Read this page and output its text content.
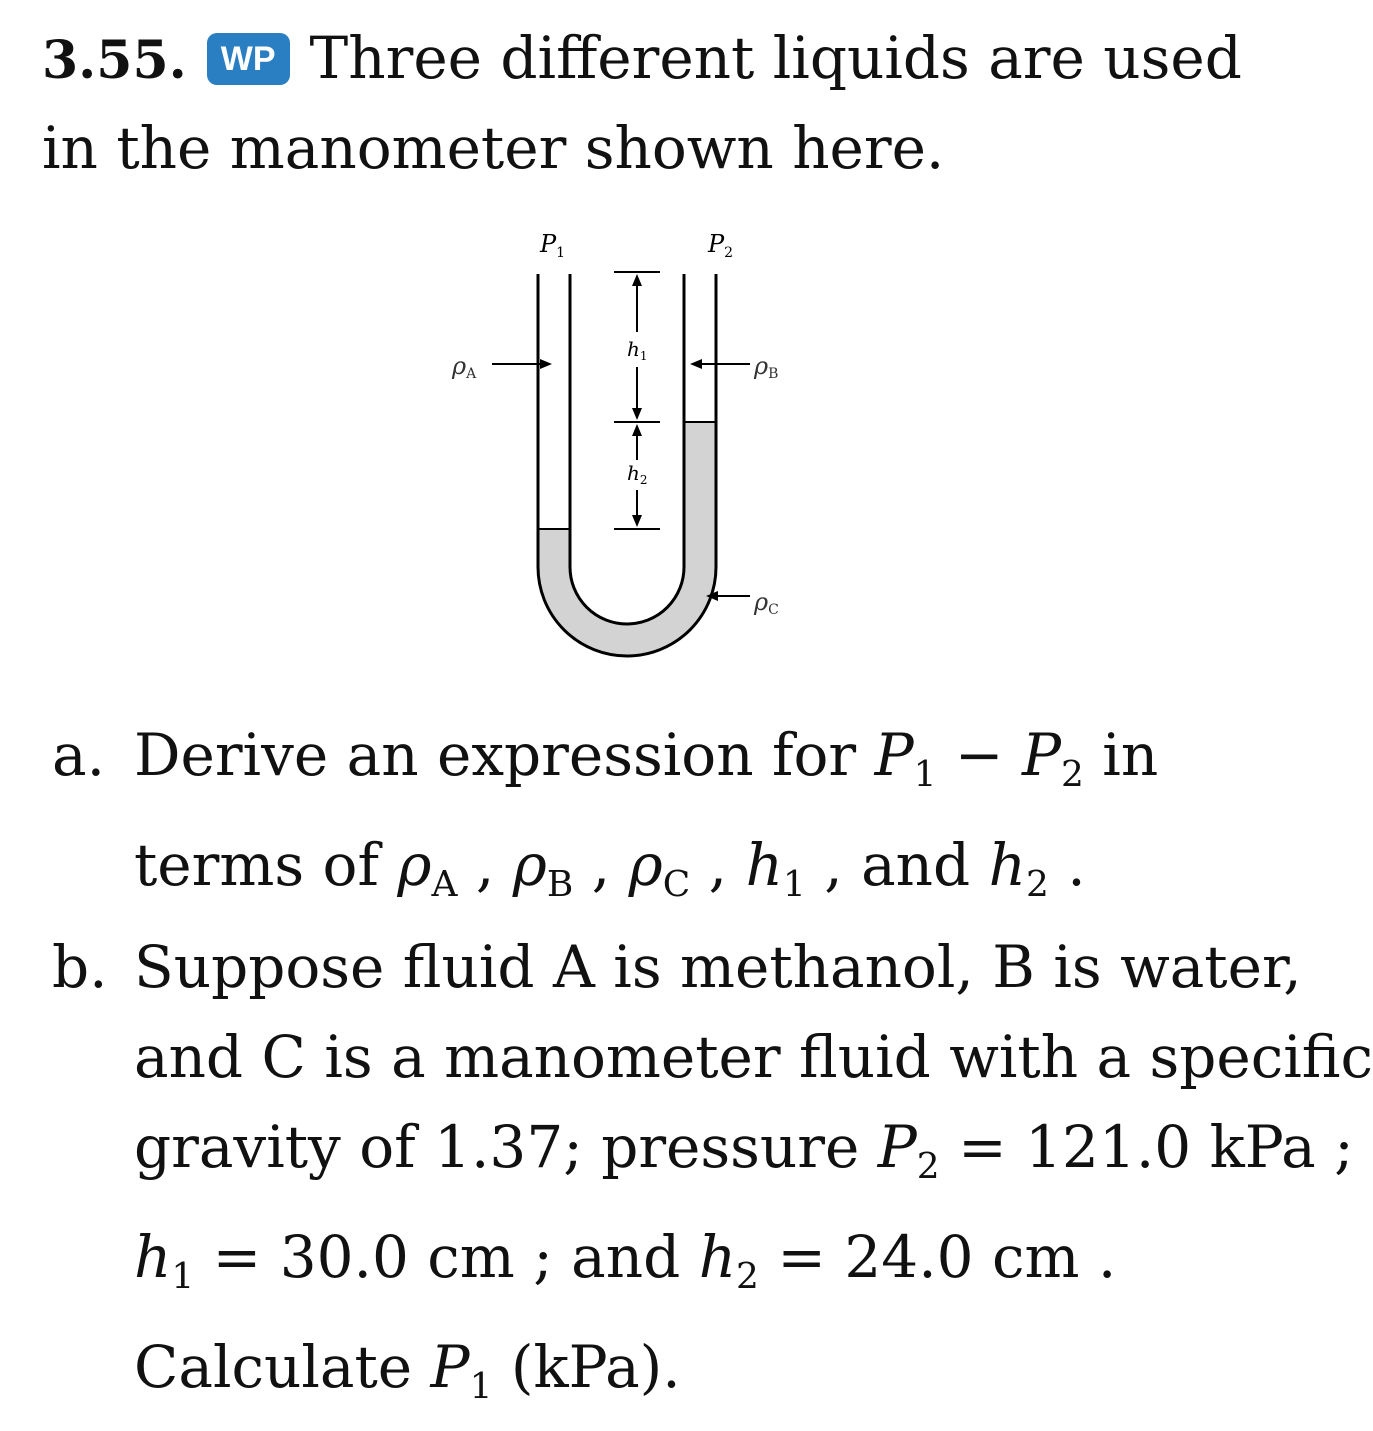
3.55. WP Three different liquids are used
in the manometer shown here.
$P_1$	$P_2$
$h_1$
$h_2$
ρA	ρB
ρC
a. Derive an expression for $P_1 - P_2$ in
terms of $\rho_A$ , $\rho_B$ , $\rho_C$ , $h_1$ , and $h_2$ .
b. Suppose fluid A is methanol, B is water,
and C is a manometer fluid with a specific
gravity of 1.37; pressure $P_2 = 121.0$ kPa ;
$h_1 = 30.0$ cm ; and $h_2 = 24.0$ cm .
Calculate $P_1$ (kPa).
